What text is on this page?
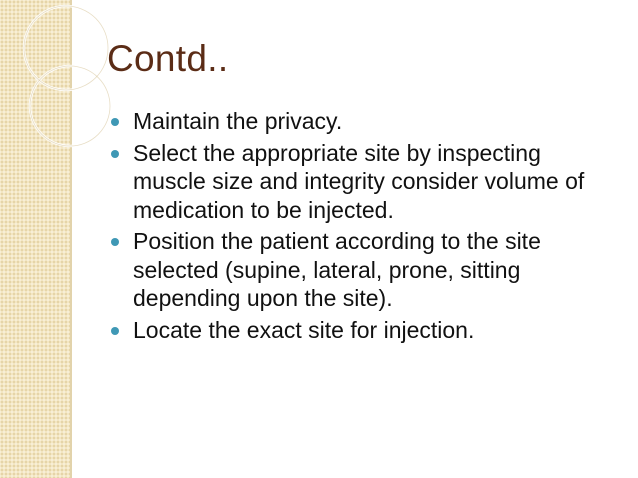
Contd..
Maintain the privacy.
Select the appropriate site by inspecting muscle size and integrity consider volume of medication to be injected.
Position the patient according to the site selected (supine, lateral, prone, sitting depending upon the site).
Locate the exact site for injection.
